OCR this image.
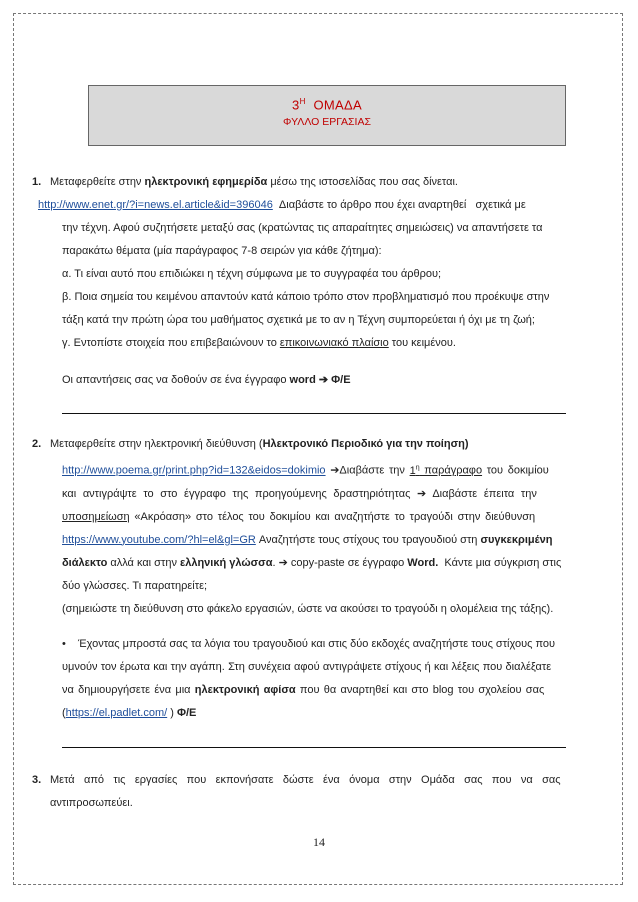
$3^H$ ΟΜΑΔΑ
ΦΥΛΛΟ ΕΡΓΑΣΙΑΣ
1. Μεταφερθείτε στην ηλεκτρονική εφημερίδα μέσω της ιστοσελίδας που σας δίνεται.
http://www.enet.gr/?i=news.el.article&id=396046  Διαβάστε το άρθρο που έχει αναρτηθεί   σχετικά με
την τέχνη. Αφού συζητήσετε μεταξύ σας (κρατώντας τις απαραίτητες σημειώσεις) να απαντήσετε τα
παρακάτω θέματα (μία παράγραφος 7-8 σειρών για κάθε ζήτημα):
α. Τι είναι αυτό που επιδιώκει η τέχνη σύμφωνα με το συγγραφέα του άρθρου;
β. Ποια σημεία του κειμένου απαντούν κατά κάποιο τρόπο στον προβληματισμό που προέκυψε στην
τάξη κατά την πρώτη ώρα του μαθήματος σχετικά με το αν η Τέχνη συμπορεύεται ή όχι με τη ζωή;
γ. Εντοπίστε στοιχεία που επιβεβαιώνουν το επικοινωνιακό πλαίσιο του κειμένου.
Οι απαντήσεις σας να δοθούν σε ένα έγγραφο word ➔ Φ/Ε
2. Μεταφερθείτε στην ηλεκτρονική διεύθυνση (Ηλεκτρονικό Περιοδικό για την ποίηση)
http://www.poema.gr/print.php?id=132&eidos=dokimio ➔Διαβάστε την $1^\eta$ παράγραφο του δοκιμίου
και αντιγράψτε το στο έγγραφο της προηγούμενης δραστηριότητας ➔ Διαβάστε έπειτα την
υποσημείωση «Ακρόαση» στο τέλος του δοκιμίου και αναζητήστε το τραγούδι στην διεύθυνση
https://www.youtube.com/?hl=el&gl=GR Αναζητήστε τους στίχους του τραγουδιού στη συγκεκριμένη
διάλεκτο αλλά και στην ελληνική γλώσσα. ➔ copy-paste σε έγγραφο Word.  Κάντε μια σύγκριση στις
δύο γλώσσες. Τι παρατηρείτε;
(σημειώστε τη διεύθυνση στο φάκελο εργασιών, ώστε να ακούσει το τραγούδι η ολομέλεια της τάξης).
•	Έχοντας μπροστά σας τα λόγια του τραγουδιού και στις δύο εκδοχές αναζητήστε τους στίχους που
υμνούν τον έρωτα και την αγάπη. Στη συνέχεια αφού αντιγράψετε στίχους ή και λέξεις που διαλέξατε
να δημιουργήσετε ένα μια ηλεκτρονική αφίσα που θα αναρτηθεί και στο blog του σχολείου σας
(https://el.padlet.com/ ) Φ/Ε
3. Μετά από τις εργασίες που εκπονήσατε δώστε ένα όνομα στην Ομάδα σας που να σας
αντιπροσωπεύει.
14
